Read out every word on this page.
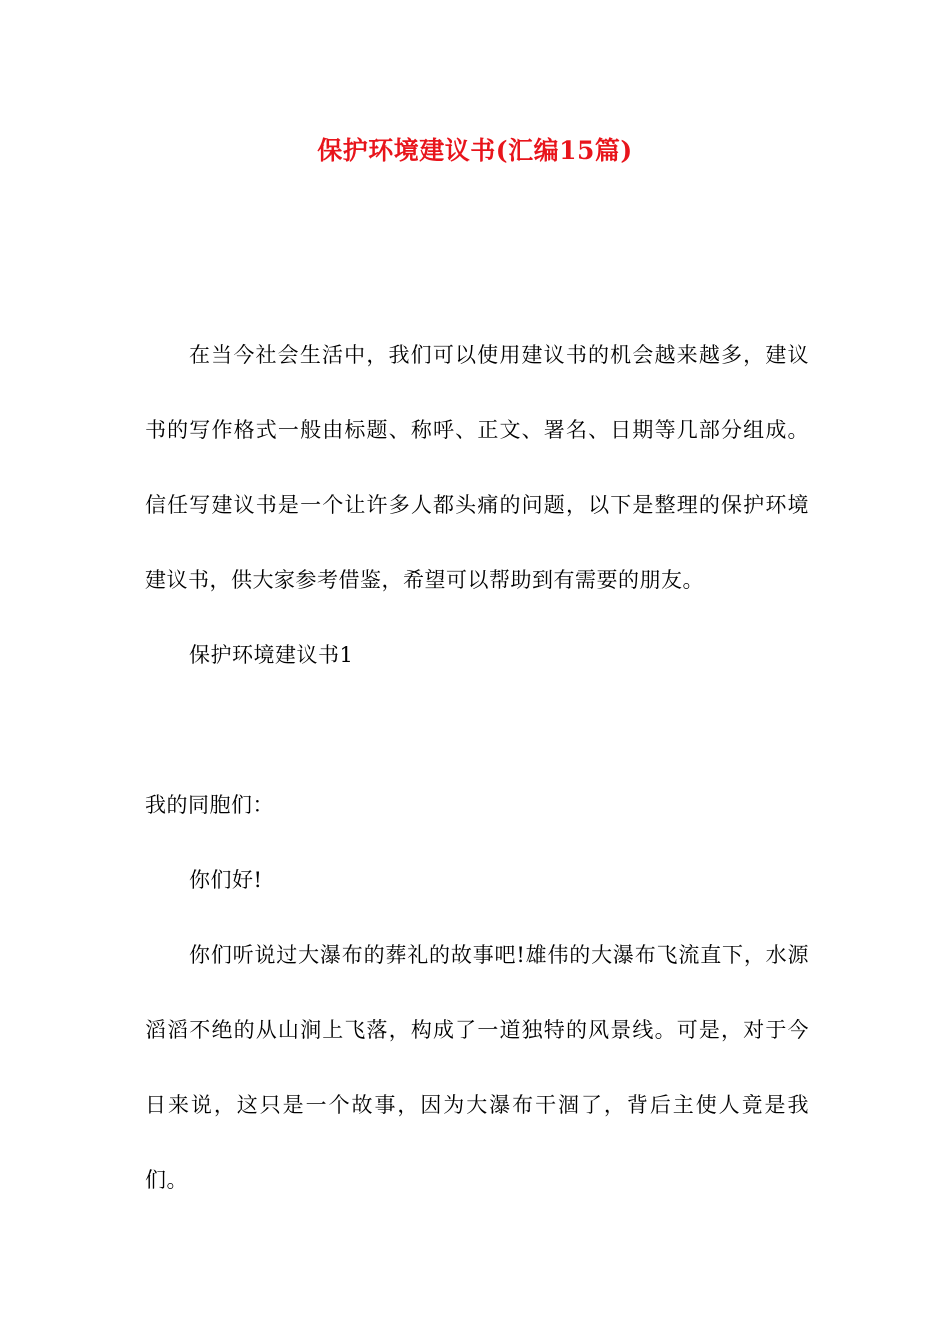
保护环境建议书(汇编15篇)

在当今社会生活中，我们可以使用建议书的机会越来越多，建议书的写作格式一般由标题、称呼、正文、署名、日期等几部分组成。信任写建议书是一个让许多人都头痛的问题，以下是整理的保护环境建议书，供大家参考借鉴，希望可以帮助到有需要的朋友。

保护环境建议书1

我的同胞们：

你们好!

你们听说过大瀑布的葬礼的故事吧!雄伟的大瀑布飞流直下，水源滔滔不绝的从山涧上飞落，构成了一道独特的风景线。可是，对于今日来说，这只是一个故事，因为大瀑布干涸了，背后主使人竟是我们。
